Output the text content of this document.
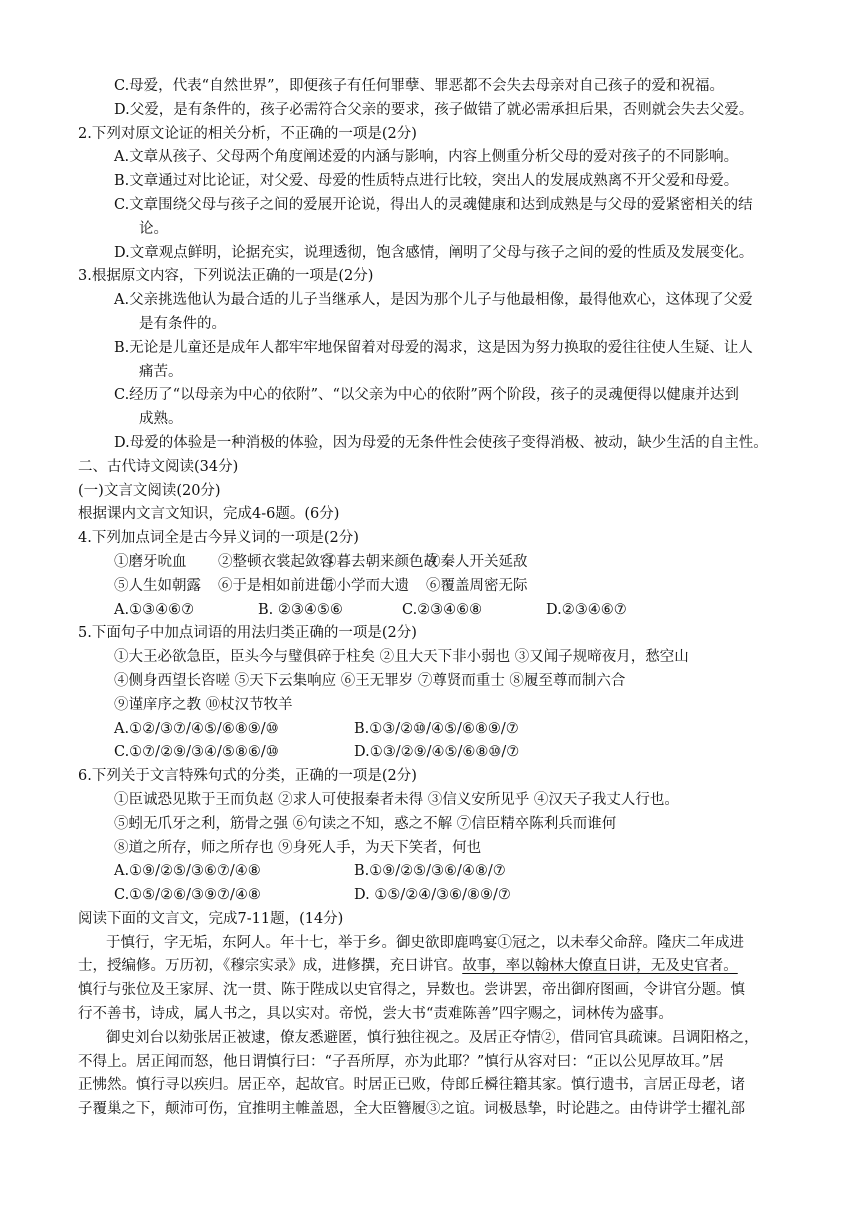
C.母爱，代表“自然世界”，即便孩子有任何罪孽、罪恶都不会失去母亲对自己孩子的爱和祝福。
D.父爱，是有条件的，孩子必需符合父亲的要求，孩子做错了就必需承担后果，否则就会失去父爱。
2.下列对原文论证的相关分析，不正确的一项是(2分)
A.文章从孩子、父母两个角度阐述爱的内涵与影响，内容上侧重分析父母的爱对孩子的不同影响。
B.文章通过对比论证，对父爱、母爱的性质特点进行比较，突出人的发展成熟离不开父爱和母爱。
C.文章围绕父母与孩子之间的爱展开论说，得出人的灵魂健康和达到成熟是与父母的爱紧密相关的结
论。
D.文章观点鲜明，论据充实，说理透彻，饱含感情，阐明了父母与孩子之间的爱的性质及发展变化。
3.根据原文内容，下列说法正确的一项是(2分)
A.父亲挑选他认为最合适的儿子当继承人，是因为那个儿子与他最相像，最得他欢心，这体现了父爱
是有条件的。
B.无论是儿童还是成年人都牢牢地保留着对母爱的渴求，这是因为努力换取的爱往往使人生疑、让人
痛苦。
C.经历了“以母亲为中心的依附”、“以父亲为中心的依附”两个阶段，孩子的灵魂便得以健康并达到
成熟。
D.母爱的体验是一种消极的体验，因为母爱的无条件性会使孩子变得消极、被动，缺少生活的自主性。
二、古代诗文阅读(34分)
(一)文言文阅读(20分)
根据课内文言文知识，完成4-6题。(6分)
4.下列加点词全是古今异义词的一项是(2分)
①磨牙吮血 ②整顿衣裳起敛容③暮去朝来颜色故④秦人开关延敌
⑤人生如朝露 ⑥于是相如前进缶⑦小学而大遗 ⑥覆盖周密无际
A.①③④⑥⑦	B. ②③④⑤⑥	C.②③④⑥⑧	D.②③④⑥⑦
5.下面句子中加点词语的用法归类正确的一项是(2分)
①大王必欲急臣，臣头今与璧俱碎于柱矣 ②且大天下非小弱也 ③又闻子规啼夜月，愁空山
④侧身西望长咨嗟 ⑤天下云集响应 ⑥王无罪岁 ⑦尊贤而重士 ⑧履至尊而制六合
⑨谨庠序之教 ⑩杖汉节牧羊
A.①②/③⑦/④⑤/⑥⑧⑨/⑩	B.①③/②⑩/④⑤/⑥⑧⑨/⑦
C.①⑦/②⑨/③④/⑤⑧⑥/⑩	D.①③/②⑨/④⑤/⑥⑧⑩/⑦
6.下列关于文言特殊句式的分类，正确的一项是(2分)
①臣诚恐见欺于王而负赵 ②求人可使报秦者未得 ③信义安所见乎 ④汉天子我丈人行也。
⑤蚓无爪牙之利，筋骨之强 ⑥句读之不知，惑之不解 ⑦信臣精卒陈利兵而谁何
⑧道之所存，师之所存也 ⑨身死人手，为天下笑者，何也
A.①⑨/②⑤/③⑥⑦/④⑧	B.①⑨/②⑤/③⑥/④⑧/⑦
C.①⑤/②⑥/③⑨⑦/④⑧	D. ①⑤/②④/③⑥/⑧⑨/⑦
阅读下面的文言文，完成7-11题，(14分)
于慎行，字无垢，东阿人。年十七，举于乡。御史欲即鹿鸣宴①冠之，以未奉父命辞。隆庆二年成进
士，授编修。万历初，《穆宗实录》成，进修撰，充日讲官。故事，率以翰林大僚直日讲，无及史官者。
慎行与张位及王家屏、沈一贯、陈于陛成以史官得之，异数也。尝讲罢，帝出御府图画，令讲官分题。慎
行不善书，诗成，属人书之，具以实对。帝悦，尝大书“责难陈善”四字赐之，词林传为盛事。
御史刘台以劾张居正被逮，僚友悉避匿，慎行独往视之。及居正夺情②，借同官具疏谏。吕调阳格之，
不得上。居正闻而怒，他日谓慎行曰：“子吾所厚，亦为此耶？”慎行从容对曰：“正以公见厚故耳。”居
正怫然。慎行寻以疾归。居正卒，起故官。时居正已败，侍郎丘橓往籍其家。慎行遗书，言居正母老，诸
子覆巢之下，颠沛可伤，宜推明主帷盖恩，全大臣簪履③之谊。词极恳挚，时论韪之。由侍讲学士擢礼部
